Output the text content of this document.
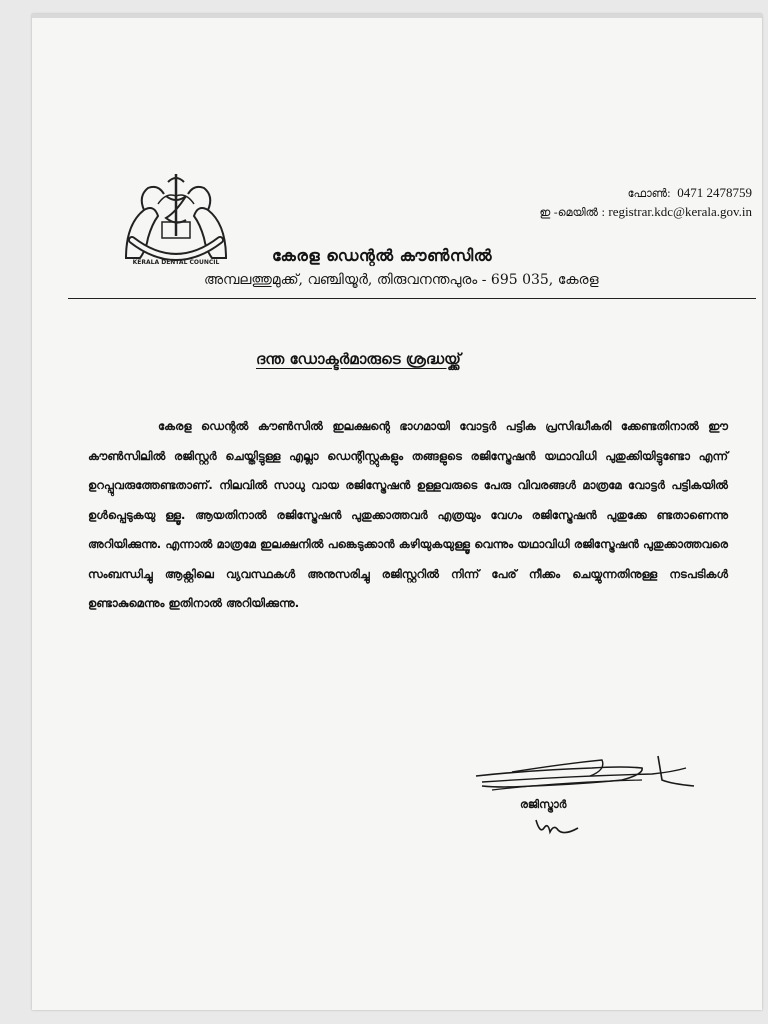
KERALA DENTAL COUNCIL
ഫോൺ: 0471 2478759
ഇ -മെയിൽ : registrar.kdc@kerala.gov.in
കേരള ഡെന്റൽ കൗൺസിൽ
അമ്പലത്തുമുക്ക്, വഞ്ചിയൂർ, തിരുവനന്തപുരം - 695 035, കേരള
ദന്ത ഡോക്ടർമാരുടെ ശ്രദ്ധയ്ക്ക്
കേരള ഡെന്റൽ കൗൺസിൽ ഇലക്ഷന്റെ ഭാഗമായി വോട്ടർ പട്ടിക പ്രസിദ്ധീകരി ക്കേണ്ടതിനാൽ ഈ കൗൺസിലിൽ രജിസ്റ്റർ ചെയ്തിട്ടുള്ള എല്ലാ ഡെന്റിസ്റ്റുകളും തങ്ങളുടെ രജിസ്ട്രേഷൻ യഥാവിധി പുതുക്കിയിട്ടുണ്ടോ എന്ന് ഉറപ്പുവരുത്തേണ്ടതാണ്. നിലവിൽ സാധു വായ രജിസ്ട്രേഷൻ ഉള്ളവരുടെ പേരു വിവരങ്ങൾ മാത്രമേ വോട്ടർ പട്ടികയിൽ ഉൾപ്പെടുകയു ള്ളൂ. ആയതിനാൽ രജിസ്ട്രേഷൻ പുതുക്കാത്തവർ എത്രയും വേഗം രജിസ്ട്രേഷൻ പുതുക്കേ ണ്ടതാണെന്നു അറിയിക്കുന്നു. എന്നാൽ മാത്രമേ ഇലക്ഷനിൽ പങ്കെടുക്കാൻ കഴിയുകയുള്ളൂ വെന്നും യഥാവിധി രജിസ്ട്രേഷൻ പുതുക്കാത്തവരെ സംബന്ധിച്ചു ആക്റ്റിലെ വ്യവസ്ഥകൾ അനുസരിച്ചു രജിസ്റ്ററിൽ നിന്ന് പേര് നീക്കം ചെയ്യുന്നതിനുള്ള നടപടികൾ ഉണ്ടാകുമെന്നും ഇതിനാൽ അറിയിക്കുന്നു.
രജിസ്ട്രാർ
